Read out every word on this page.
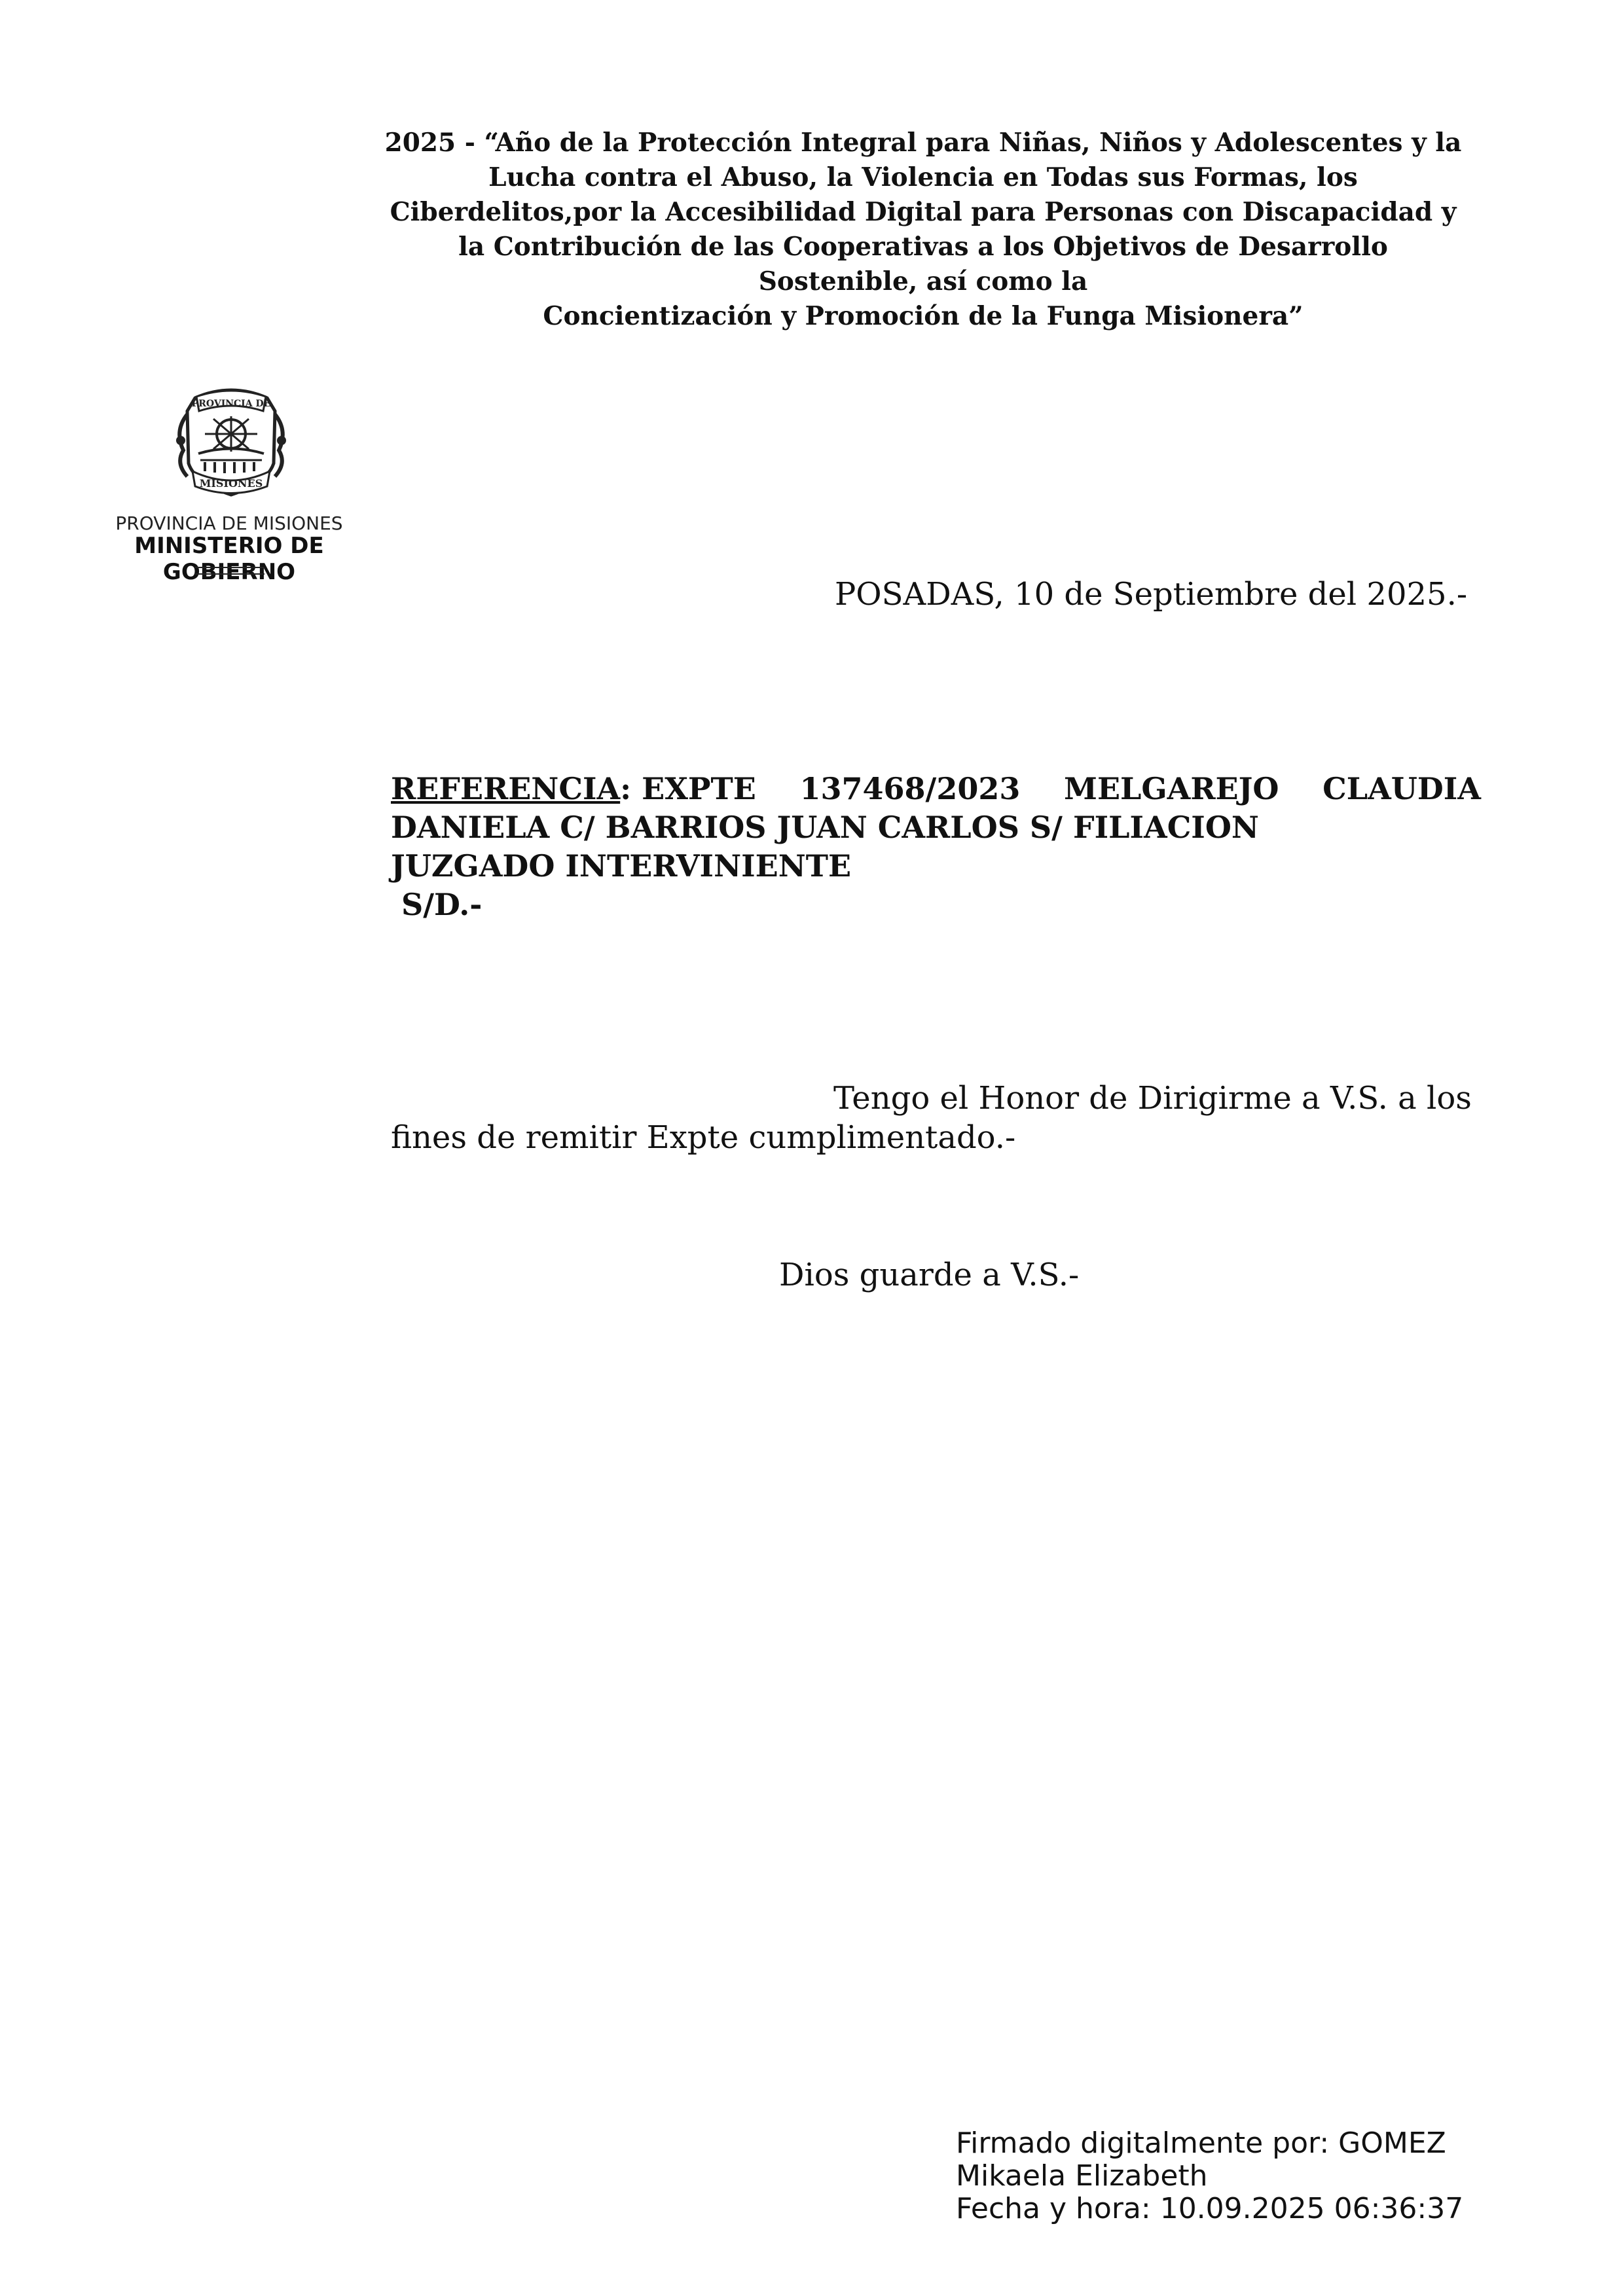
2025 - “Año de la Protección Integral para Niñas, Niños y Adolescentes y la
Lucha contra el Abuso, la Violencia en Todas sus Formas, los
Ciberdelitos,por la Accesibilidad Digital para Personas con Discapacidad y
la Contribución de las Cooperativas a los Objetivos de Desarrollo
Sostenible, así como la
Concientización y Promoción de la Funga Misionera”
PROVINCIA DE
MISIONES
PROVINCIA DE MISIONES
MINISTERIO DE GOBIERNO
POSADAS, 10 de Septiembre del 2025.-
REFERENCIA: EXPTE 137468/2023 MELGAREJO CLAUDIA
DANIELA C/ BARRIOS JUAN CARLOS S/ FILIACION
JUZGADO INTERVINIENTE
S/D.-
Tengo el Honor de Dirigirme a V.S. a los
fines de remitir Expte cumplimentado.-
Dios guarde a V.S.-
Firmado digitalmente por: GOMEZ
Mikaela Elizabeth
Fecha y hora: 10.09.2025 06:36:37
